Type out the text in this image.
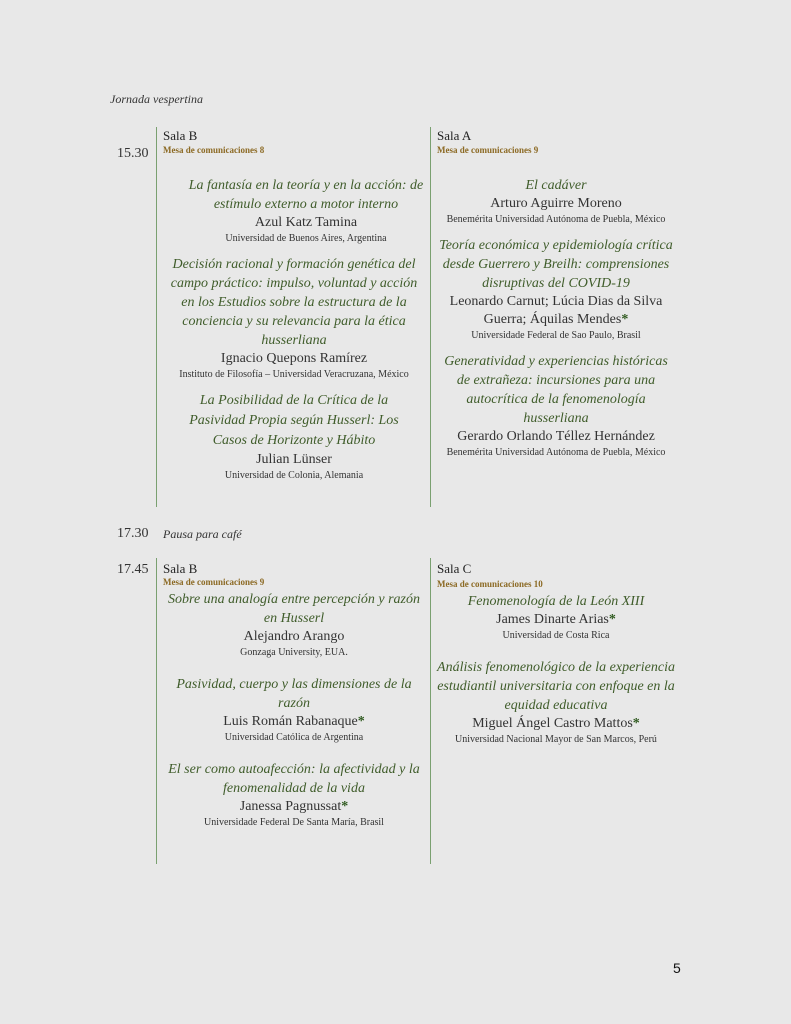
Jornada vespertina
15.30
Sala B
Mesa de comunicaciones 8
Sala A
Mesa de comunicaciones 9
La fantasía en la teoría y en la acción: de estímulo externo a motor interno
Azul Katz Tamina
Universidad de Buenos Aires, Argentina
Decisión racional y formación genética del campo práctico: impulso, voluntad y acción en los Estudios sobre la estructura de la conciencia y su relevancia para la ética husserliana
Ignacio Quepons Ramírez
Instituto de Filosofía – Universidad Veracruzana, México
La Posibilidad de la Crítica de la Pasividad Propia según Husserl: Los Casos de Horizonte y Hábito
Julian Lünser
Universidad de Colonia, Alemania
El cadáver
Arturo Aguirre Moreno
Benemérita Universidad Autónoma de Puebla, México
Teoría económica y epidemiología crítica desde Guerrero y Breilh: comprensiones disruptivas del COVID-19
Leonardo Carnut; Lúcia Dias da Silva Guerra; Áquilas Mendes*
Universidade Federal de Sao Paulo, Brasil
Generatividad y experiencias históricas de extrañeza: incursiones para una autocrítica de la fenomenología husserliana
Gerardo Orlando Téllez Hernández
Benemérita Universidad Autónoma de Puebla, México
17.30 Pausa para café
17.45 Sala B
Mesa de comunicaciones 9
Sala C
Mesa de comunicaciones 10
Sobre una analogía entre percepción y razón en Husserl
Alejandro Arango
Gonzaga University, EUA.
Pasividad, cuerpo y las dimensiones de la razón
Luis Román Rabanaque*
Universidad Católica de Argentina
El ser como autoafección: la afectividad y la fenomenalidad de la vida
Janessa Pagnussat*
Universidade Federal De Santa María, Brasil
Fenomenología de la León XIII
James Dinarte Arias*
Universidad de Costa Rica
Análisis fenomenológico de la experiencia estudiantil universitaria con enfoque en la equidad educativa
Miguel Ángel Castro Mattos*
Universidad Nacional Mayor de San Marcos, Perú
5
